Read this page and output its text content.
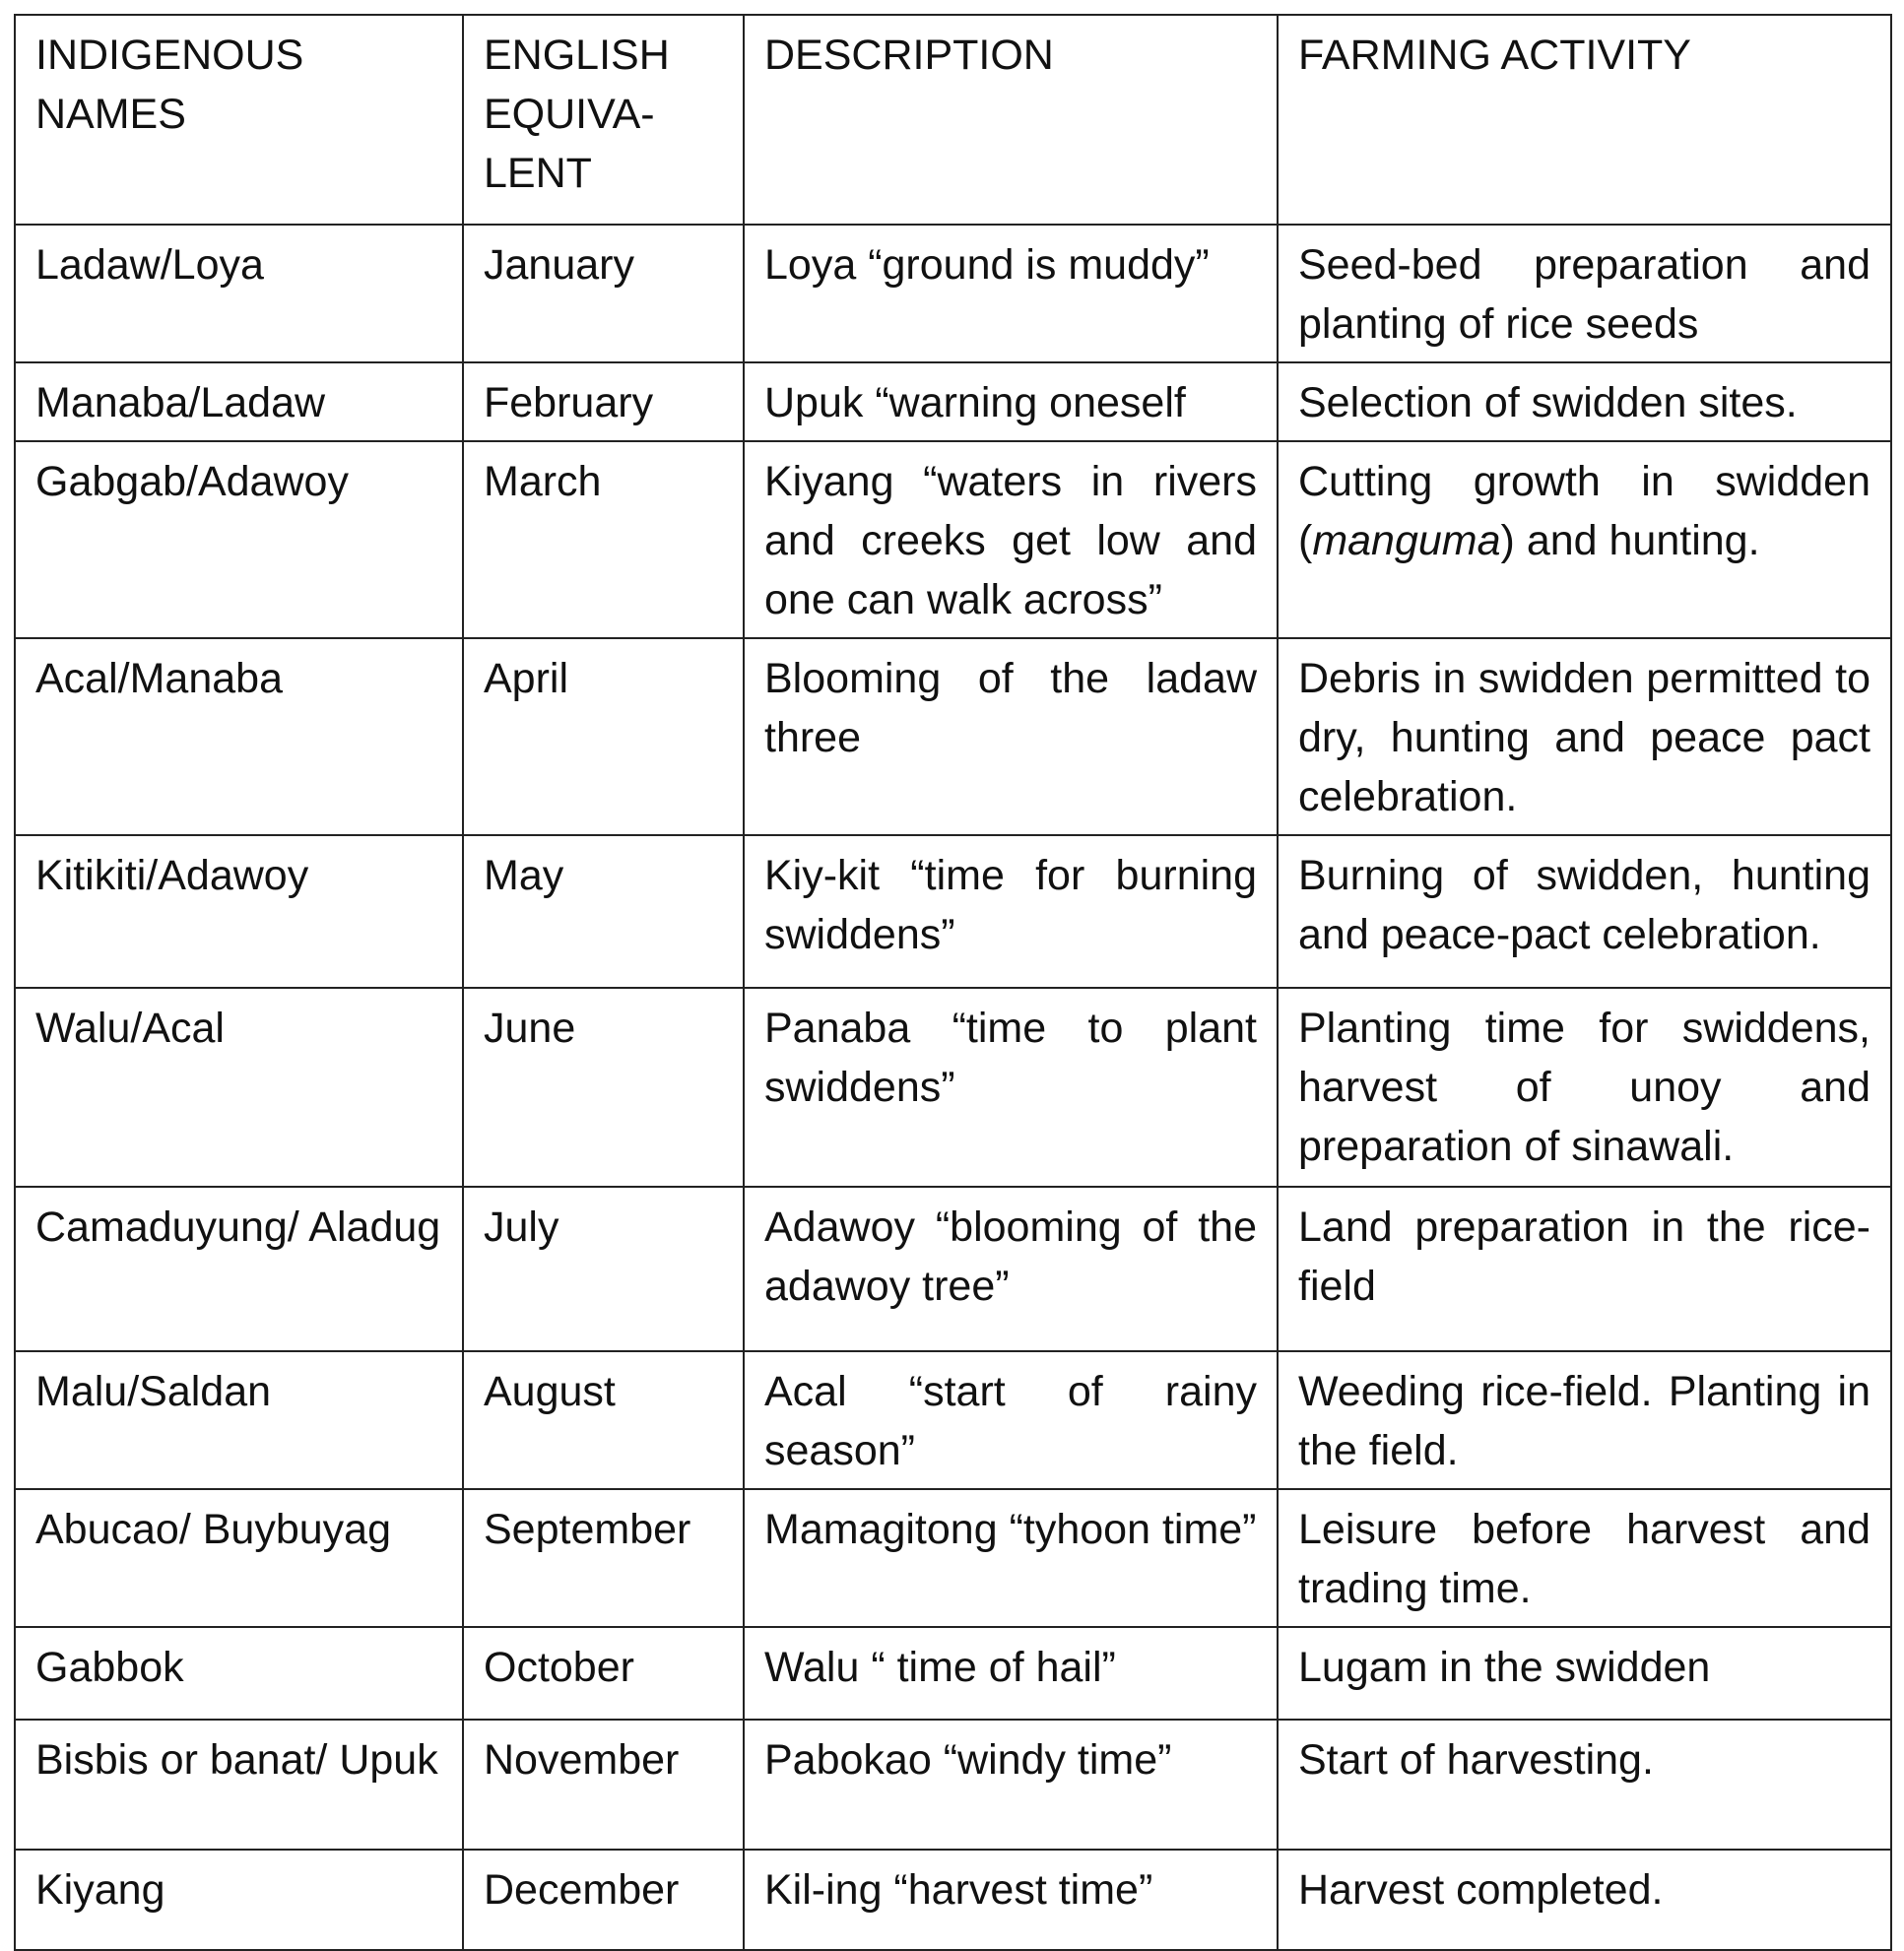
INDIGENOUS NAMES	ENGLISH EQUIVA-LENT	DESCRIPTION	FARMING ACTIVITY
Ladaw/Loya	January	Loya “ground is muddy”	Seed-bed preparation and planting of rice seeds
Manaba/Ladaw	February	Upuk “warning oneself	Selection of swidden sites.
Gabgab/Adawoy	March	Kiyang “waters in rivers and creeks get low and one can walk across”	Cutting growth in swidden (manguma) and hunting.
Acal/Manaba	April	Blooming of the ladaw three	Debris in swidden permitted to dry, hunting and peace pact celebration.
Kitikiti/Adawoy	May	Kiy-kit “time for burning swiddens”	Burning of swidden, hunting and peace-pact celebration.
Walu/Acal	June	Panaba “time to plant swiddens”	Planting time for swiddens, harvest of unoy and preparation of sinawali.
Camaduyung/ Aladug	July	Adawoy “blooming of the adawoy tree”	Land preparation in the rice-field
Malu/Saldan	August	Acal “start of rainy season”	Weeding rice-field. Planting in the field.
Abucao/ Buybuyag	September	Mamagitong “tyhoon time”	Leisure before harvest and trading time.
Gabbok	October	Walu “ time of hail”	Lugam in the swidden
Bisbis or banat/ Upuk	November	Pabokao “windy time”	Start of harvesting.
Kiyang	December	Kil-ing “harvest time”	Harvest completed.
